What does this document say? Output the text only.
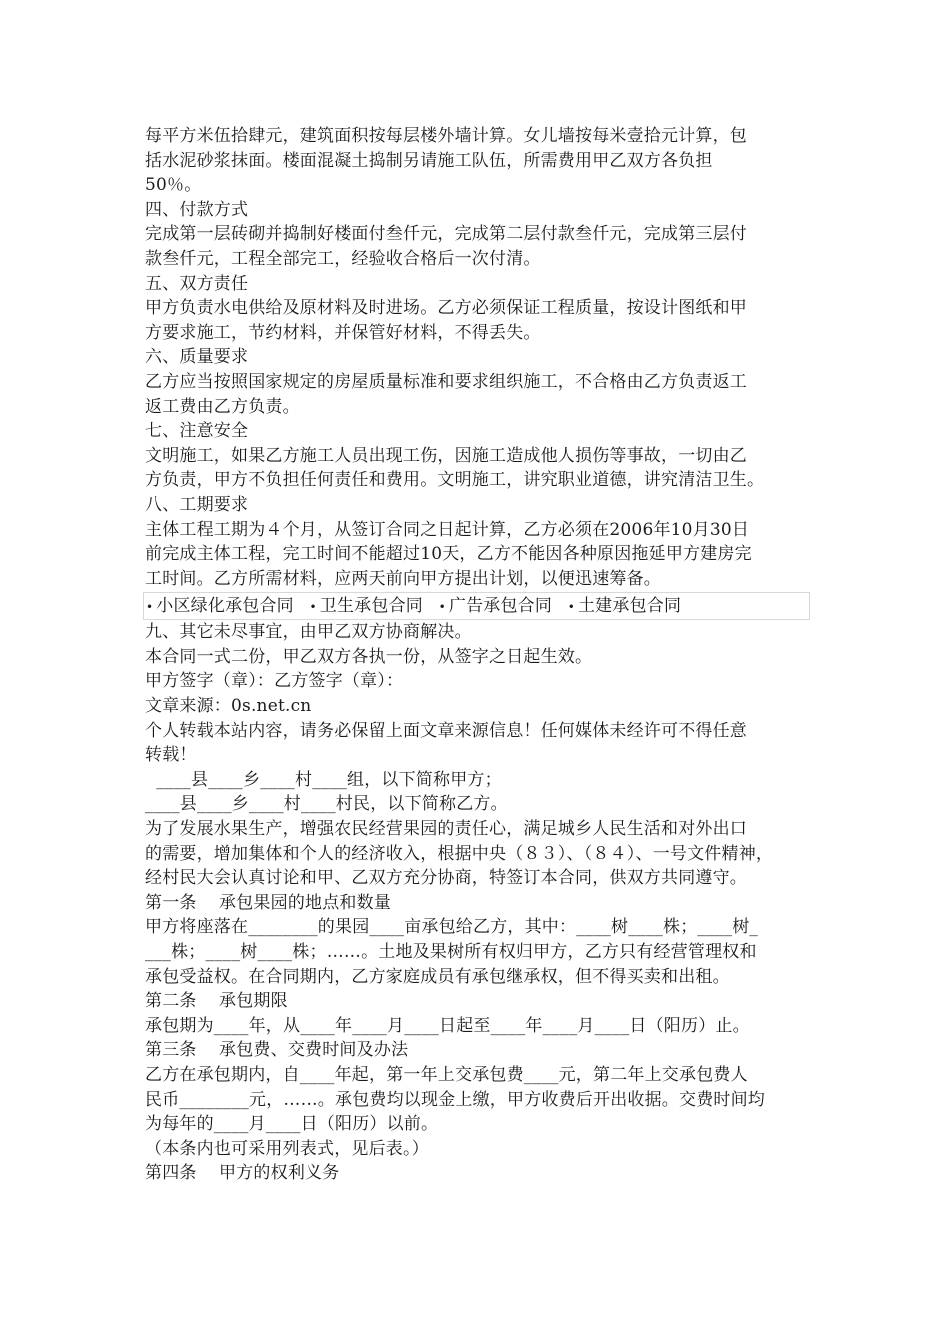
每平方米伍拾肆元，建筑面积按每层楼外墙计算。女儿墙按每米壹拾元计算，包
括水泥砂浆抹面。楼面混凝土捣制另请施工队伍，所需费用甲乙双方各负担
50％。
四、付款方式
完成第一层砖砌并捣制好楼面付叁仟元，完成第二层付款叁仟元，完成第三层付
款叁仟元，工程全部完工，经验收合格后一次付清。
五、双方责任
甲方负责水电供给及原材料及时进场。乙方必须保证工程质量，按设计图纸和甲
方要求施工，节约材料，并保管好材料，不得丢失。
六、质量要求
乙方应当按照国家规定的房屋质量标准和要求组织施工，不合格由乙方负责返工
返工费由乙方负责。
七、注意安全
文明施工，如果乙方施工人员出现工伤，因施工造成他人损伤等事故，一切由乙
方负责，甲方不负担任何责任和费用。文明施工，讲究职业道德，讲究清洁卫生。
八、工期要求
主体工程工期为４个月，从签订合同之日起计算，乙方必须在2006年10月30日
前完成主体工程，完工时间不能超过10天，乙方不能因各种原因拖延甲方建房完
工时间。乙方所需材料，应两天前向甲方提出计划，以便迅速筹备。
• 小区绿化承包合同 • 卫生承包合同 • 广告承包合同 • 土建承包合同
九、其它未尽事宜，由甲乙双方协商解决。
本合同一式二份，甲乙双方各执一份，从签字之日起生效。
甲方签字（章）：乙方签字（章）：
文章来源：0s.net.cn
个人转载本站内容，请务必保留上面文章来源信息！任何媒体未经许可不得任意
转载！
____县____乡____村____组，以下简称甲方；
____县____乡____村____村民，以下简称乙方。
为了发展水果生产，增强农民经营果园的责任心，满足城乡人民生活和对外出口
的需要，增加集体和个人的经济收入，根据中央（８３）、（８４）、一号文件精神，
经村民大会认真讨论和甲、乙双方充分协商，特签订本合同，供双方共同遵守。
第一条    承包果园的地点和数量
甲方将座落在________的果园____亩承包给乙方，其中：____树____株；____树_
___株；____树____株；……。土地及果树所有权归甲方，乙方只有经营管理权和
承包受益权。在合同期内，乙方家庭成员有承包继承权，但不得买卖和出租。
第二条    承包期限
承包期为____年，从____年____月____日起至____年____月____日（阳历）止。
第三条    承包费、交费时间及办法
乙方在承包期内，自____年起，第一年上交承包费____元，第二年上交承包费人
民币________元，……。承包费均以现金上缴，甲方收费后开出收据。交费时间均
为每年的____月____日（阳历）以前。
（本条内也可采用列表式，见后表。）
第四条    甲方的权利义务
